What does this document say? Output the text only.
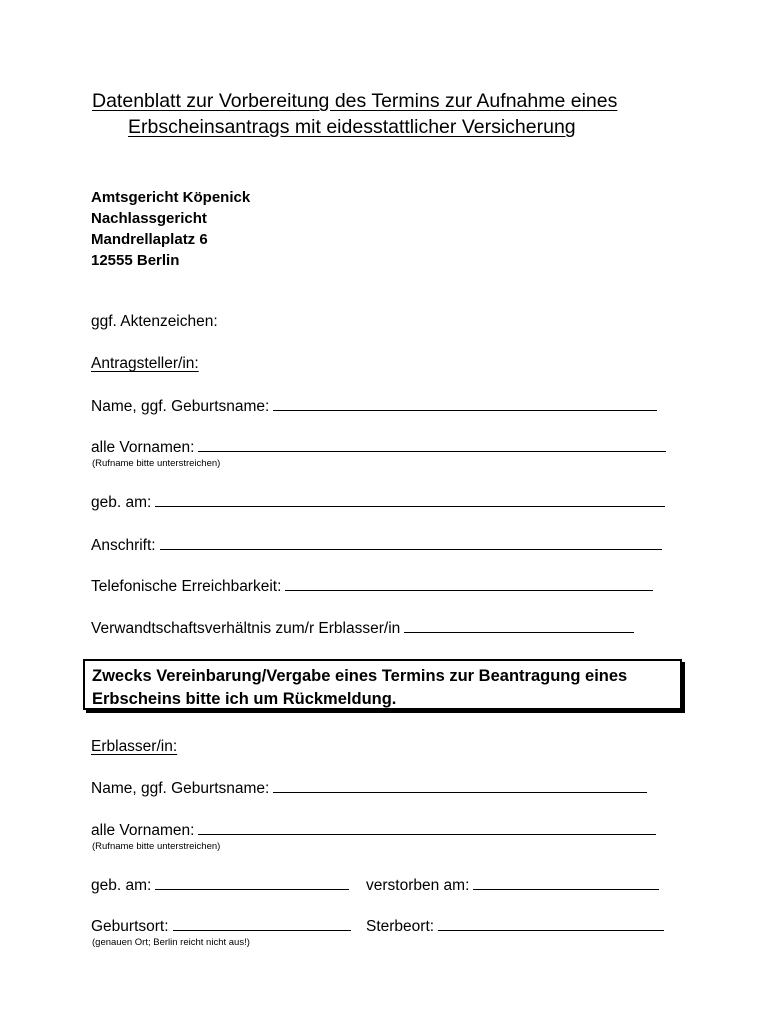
Datenblatt zur Vorbereitung des Termins zur Aufnahme eines
Erbscheinsantrags mit eidesstattlicher Versicherung
Amtsgericht Köpenick
Nachlassgericht
Mandrellaplatz 6
12555 Berlin
ggf. Aktenzeichen:
Antragsteller/in:
Name, ggf. Geburtsname:
alle Vornamen:
(Rufname bitte unterstreichen)
geb. am:
Anschrift:
Telefonische Erreichbarkeit:
Verwandtschaftsverhältnis zum/r Erblasser/in
Zwecks Vereinbarung/Vergabe eines Termins zur Beantragung eines
Erbscheins bitte ich um Rückmeldung.
Erblasser/in:
Name, ggf. Geburtsname:
alle Vornamen:
(Rufname bitte unterstreichen)
geb. am:	verstorben am:
Geburtsort:	Sterbeort:
(genauen Ort; Berlin reicht nicht aus!)
